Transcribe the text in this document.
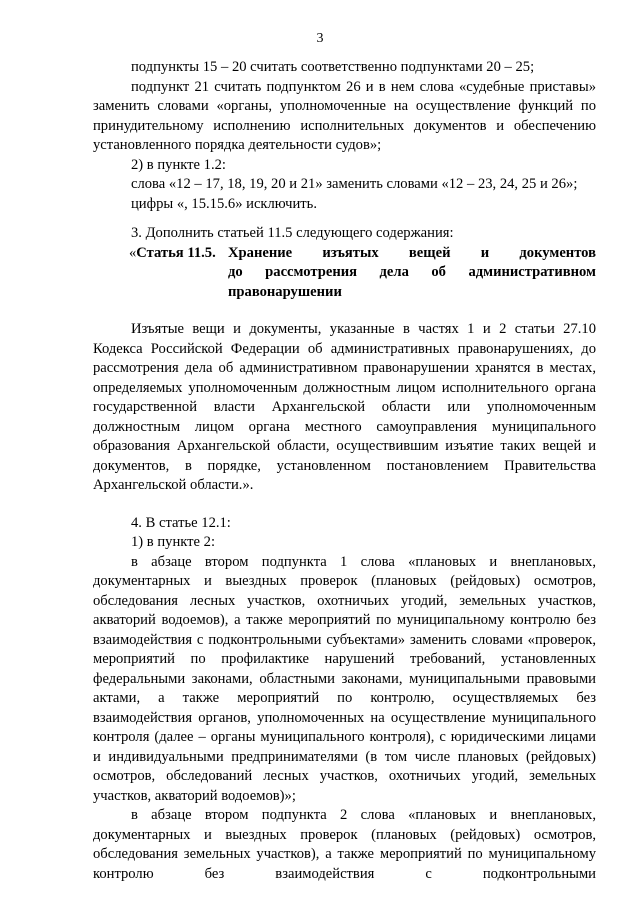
3
подпункты 15 – 20 считать соответственно подпунктами 20 – 25;
подпункт 21 считать подпунктом 26 и в нем слова «судебные приставы» заменить словами «органы, уполномоченные на осуществление функций по принудительному исполнению исполнительных документов и обеспечению установленного порядка деятельности судов»;
2) в пункте 1.2:
слова «12 – 17, 18, 19, 20 и 21» заменить словами «12 – 23, 24, 25 и 26»;
цифры «, 15.15.6» исключить.
3. Дополнить статьей 11.5 следующего содержания:
«Статья 11.5. Хранение изъятых вещей и документов
до рассмотрения дела об административном
правонарушении
Изъятые вещи и документы, указанные в частях 1 и 2 статьи 27.10 Кодекса Российской Федерации об административных правонарушениях, до рассмотрения дела об административном правонарушении хранятся в местах, определяемых уполномоченным должностным лицом исполнительного органа государственной власти Архангельской области или уполномоченным должностным лицом органа местного самоуправления муниципального образования Архангельской области, осуществившим изъятие таких вещей и документов, в порядке, установленном постановлением Правительства Архангельской области.».
4. В статье 12.1:
1) в пункте 2:
в абзаце втором подпункта 1 слова «плановых и внеплановых, документарных и выездных проверок (плановых (рейдовых) осмотров, обследования лесных участков, охотничьих угодий, земельных участков, акваторий водоемов), а также мероприятий по муниципальному контролю без взаимодействия с подконтрольными субъектами» заменить словами «проверок, мероприятий по профилактике нарушений требований, установленных федеральными законами, областными законами, муниципальными правовыми актами, а также мероприятий по контролю, осуществляемых без взаимодействия органов, уполномоченных на осуществление муниципального контроля (далее – органы муниципального контроля), с юридическими лицами и индивидуальными предпринимателями (в том числе плановых (рейдовых) осмотров, обследований лесных участков, охотничьих угодий, земельных участков, акваторий водоемов)»;
в абзаце втором подпункта 2 слова «плановых и внеплановых, документарных и выездных проверок (плановых (рейдовых) осмотров, обследования земельных участков), а также мероприятий по муниципальному контролю без взаимодействия с подконтрольными
